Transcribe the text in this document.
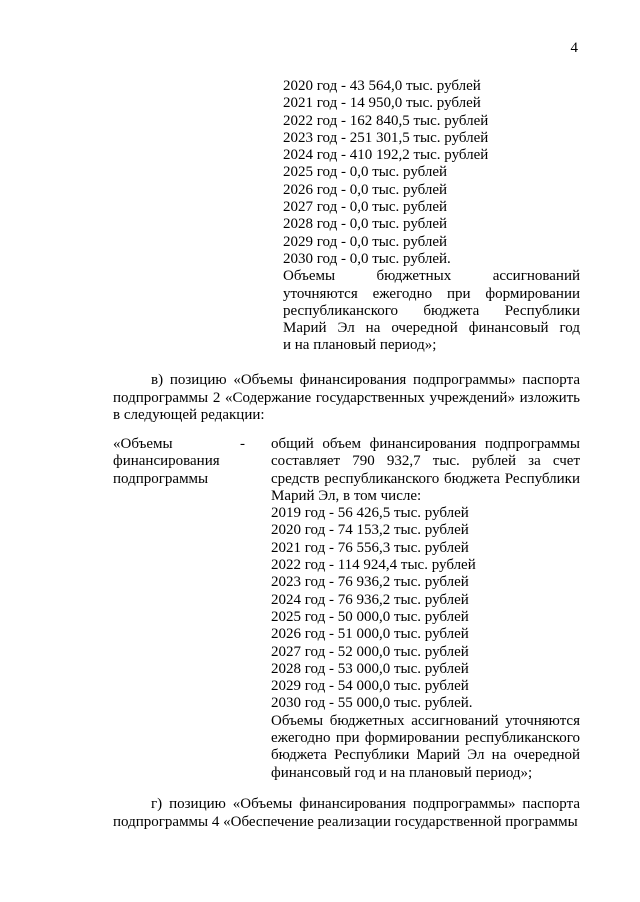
4
2020 год - 43 564,0 тыс. рублей
2021 год - 14 950,0 тыс. рублей
2022 год - 162 840,5 тыс. рублей
2023 год - 251 301,5 тыс. рублей
2024 год - 410 192,2 тыс. рублей
2025 год - 0,0 тыс. рублей
2026 год - 0,0 тыс. рублей
2027 год - 0,0 тыс. рублей
2028 год - 0,0 тыс. рублей
2029 год - 0,0 тыс. рублей
2030 год - 0,0 тыс. рублей.
Объемы бюджетных ассигнований
уточняются ежегодно при формировании
республиканского бюджета Республики
Марий Эл на очередной финансовый год
и на плановый период»;
в) позицию «Объемы финансирования подпрограммы» паспорта подпрограммы 2 «Содержание государственных учреждений» изложить в следующей редакции:
«Объемы
финансирования
подпрограммы
- общий объем финансирования подпрограммы
составляет 790 932,7 тыс. рублей за счет
средств республиканского бюджета Республики
Марий Эл, в том числе:
2019 год - 56 426,5 тыс. рублей
2020 год - 74 153,2 тыс. рублей
2021 год - 76 556,3 тыс. рублей
2022 год - 114 924,4 тыс. рублей
2023 год - 76 936,2 тыс. рублей
2024 год - 76 936,2 тыс. рублей
2025 год - 50 000,0 тыс. рублей
2026 год - 51 000,0 тыс. рублей
2027 год - 52 000,0 тыс. рублей
2028 год - 53 000,0 тыс. рублей
2029 год - 54 000,0 тыс. рублей
2030 год - 55 000,0 тыс. рублей.
Объемы бюджетных ассигнований уточняются
ежегодно при формировании республиканского
бюджета Республики Марий Эл на очередной
финансовый год и на плановый период»;
г) позицию «Объемы финансирования подпрограммы» паспорта подпрограммы 4 «Обеспечение реализации государственной программы
